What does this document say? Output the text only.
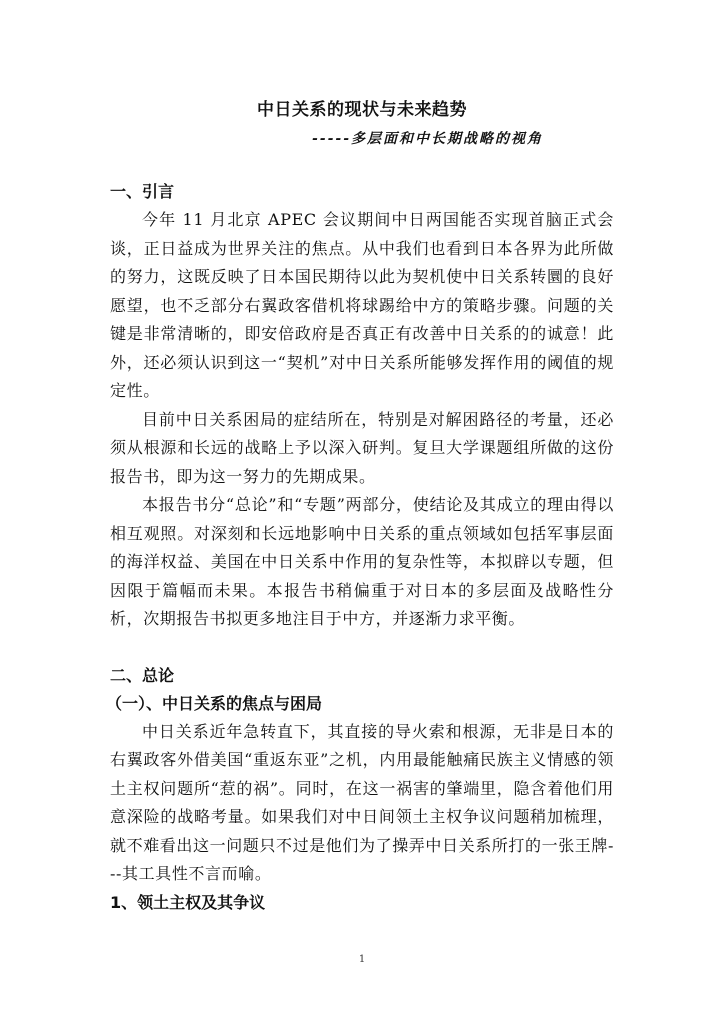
中日关系的现状与未来趋势
-----多层面和中长期战略的视角
一、引言

今年 11 月北京 APEC 会议期间中日两国能否实现首脑正式会谈，正日益成为世界关注的焦点。从中我们也看到日本各界为此所做的努力，这既反映了日本国民期待以此为契机使中日关系转圜的良好愿望，也不乏部分右翼政客借机将球踢给中方的策略步骤。问题的关键是非常清晰的，即安倍政府是否真正有改善中日关系的的诚意！此外，还必须认识到这一“契机”对中日关系所能够发挥作用的阈值的规定性。

目前中日关系困局的症结所在，特别是对解困路径的考量，还必须从根源和长远的战略上予以深入研判。复旦大学课题组所做的这份报告书，即为这一努力的先期成果。

本报告书分“总论”和“专题”两部分，使结论及其成立的理由得以相互观照。对深刻和长远地影响中日关系的重点领域如包括军事层面的海洋权益、美国在中日关系中作用的复杂性等，本拟辟以专题，但因限于篇幅而未果。本报告书稍偏重于对日本的多层面及战略性分析，次期报告书拟更多地注目于中方，并逐渐力求平衡。

二、总论
（一）、中日关系的焦点与困局

中日关系近年急转直下，其直接的导火索和根源，无非是日本的右翼政客外借美国“重返东亚”之机，内用最能触痛民族主义情感的领土主权问题所“惹的祸”。同时，在这一祸害的肇端里，隐含着他们用意深险的战略考量。如果我们对中日间领土主权争议问题稍加梳理，就不难看出这一问题只不过是他们为了操弄中日关系所打的一张王牌---其工具性不言而喻。

1、领土主权及其争议
1
